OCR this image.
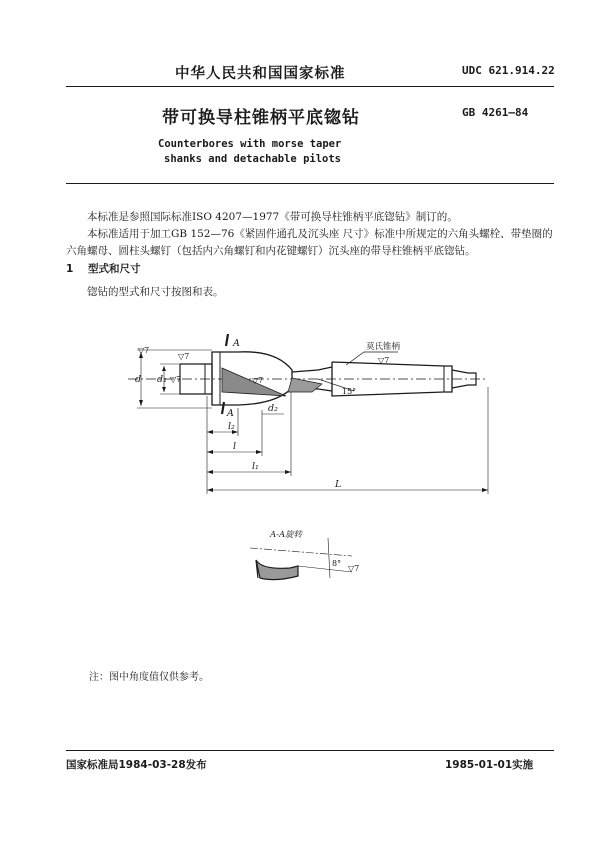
中华人民共和国国家标准	UDC 621.914.22
带可换导柱锥柄平底锪钻	GB 4261—84
Counterbores with morse taper
shanks and detachable pilots
本标准是参照国际标准ISO 4207—1977《带可换导柱锥柄平底锪钻》制订的。
本标准适用于加工GB 152—76《紧固件通孔及沉头座 尺寸》标准中所规定的六角头螺栓、带垫圈的六角螺母、圆柱头螺钉（包括内六角螺钉和内花键螺钉）沉头座的带导柱锥柄平底锪钻。
1 型式和尺寸
锪钻的型式和尺寸按图和表。
A
A
d d₁
d₂
l₂
l
l₁
L
15°
▽7
▽7
▽7	▽7
▽7
莫氏锥柄
A-A旋转
8°
▽7
注：图中角度值仅供参考。
国家标准局1984-03-28发布	1985-01-01实施
